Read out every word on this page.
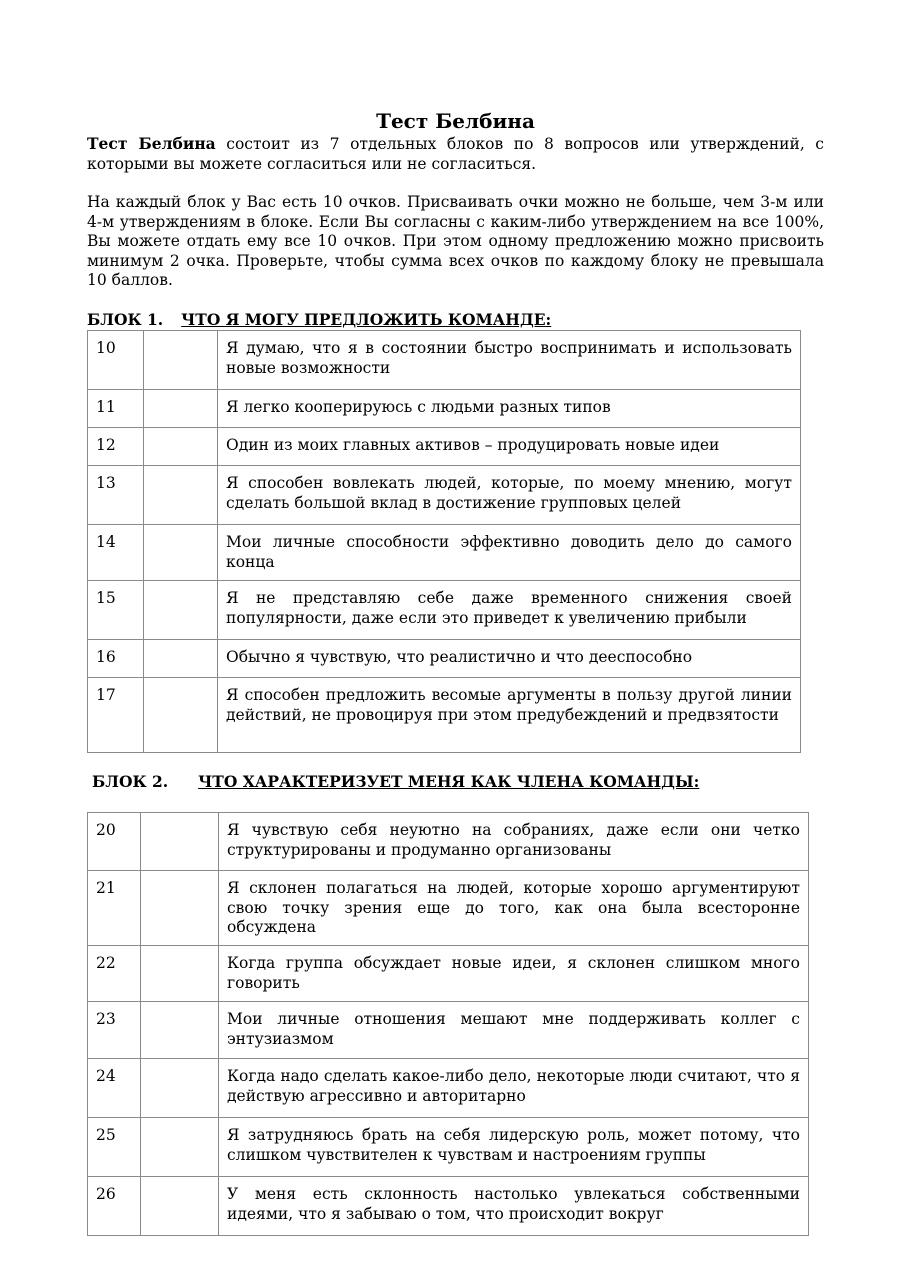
Тест Белбина

Тест Белбина состоит из 7 отдельных блоков по 8 вопросов или утверждений, с которыми вы можете согласиться или не согласиться.

На каждый блок у Вас есть 10 очков. Присваивать очки можно не больше, чем 3-м или 4-м утверждениям в блоке. Если Вы согласны с каким-либо утверждением на все 100%, Вы можете отдать ему все 10 очков. При этом одному предложению можно присвоить минимум 2 очка. Проверьте, чтобы сумма всех очков по каждому блоку не превышала 10 баллов.

БЛОК 1. ЧТО Я МОГУ ПРЕДЛОЖИТЬ КОМАНДЕ:
10		Я думаю, что я в состоянии быстро воспринимать и использовать новые возможности
11		Я легко кооперируюсь с людьми разных типов
12		Один из моих главных активов – продуцировать новые идеи
13		Я способен вовлекать людей, которые, по моему мнению, могут сделать большой вклад в достижение групповых целей
14		Мои личные способности эффективно доводить дело до самого конца
15		Я не представляю себе даже временного снижения своей популярности, даже если это приведет к увеличению прибыли
16		Обычно я чувствую, что реалистично и что дееспособно
17		Я способен предложить весомые аргументы в пользу другой линии действий, не провоцируя при этом предубеждений и предвзятости
БЛОК 2. ЧТО ХАРАКТЕРИЗУЕТ МЕНЯ КАК ЧЛЕНА КОМАНДЫ:
20		Я чувствую себя неуютно на собраниях, даже если они четко структурированы и продуманно организованы
21		Я склонен полагаться на людей, которые хорошо аргументируют свою точку зрения еще до того, как она была всесторонне обсуждена
22		Когда группа обсуждает новые идеи, я склонен слишком много говорить
23		Мои личные отношения мешают мне поддерживать коллег с энтузиазмом
24		Когда надо сделать какое-либо дело, некоторые люди считают, что я действую агрессивно и авторитарно
25		Я затрудняюсь брать на себя лидерскую роль, может потому, что слишком чувствителен к чувствам и настроениям группы
26		У меня есть склонность настолько увлекаться собственными идеями, что я забываю о том, что происходит вокруг
